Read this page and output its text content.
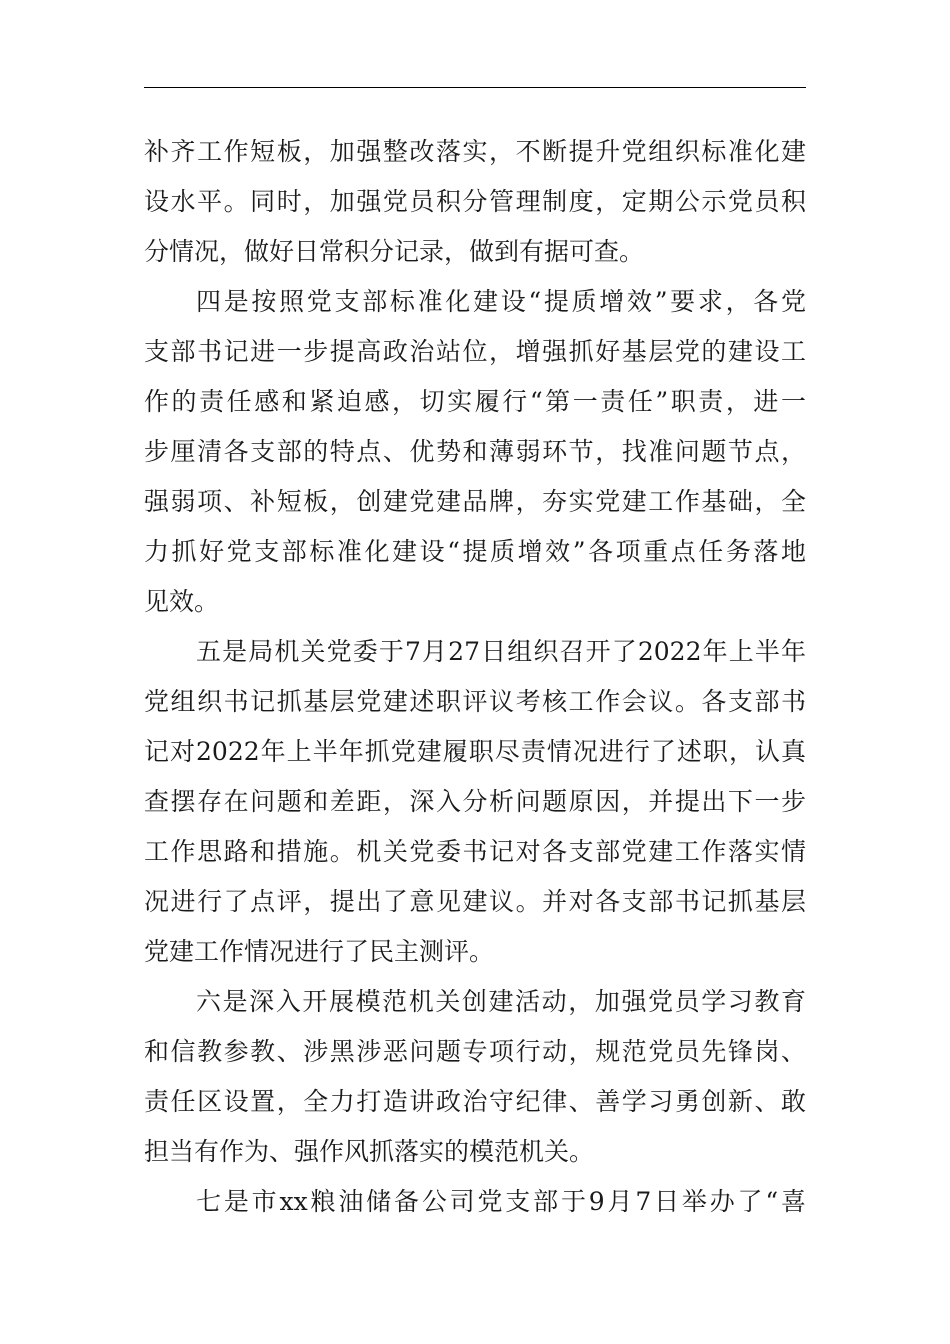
补齐工作短板，加强整改落实，不断提升党组织标准化建
设水平。同时，加强党员积分管理制度，定期公示党员积
分情况，做好日常积分记录，做到有据可查。
四是按照党支部标准化建设“提质增效”要求，各党
支部书记进一步提高政治站位，增强抓好基层党的建设工
作的责任感和紧迫感，切实履行“第一责任”职责，进一
步厘清各支部的特点、优势和薄弱环节，找准问题节点，
强弱项、补短板，创建党建品牌，夯实党建工作基础，全
力抓好党支部标准化建设“提质增效”各项重点任务落地
见效。
五是局机关党委于7月27日组织召开了2022年上半年
党组织书记抓基层党建述职评议考核工作会议。各支部书
记对2022年上半年抓党建履职尽责情况进行了述职，认真
查摆存在问题和差距，深入分析问题原因，并提出下一步
工作思路和措施。机关党委书记对各支部党建工作落实情
况进行了点评，提出了意见建议。并对各支部书记抓基层
党建工作情况进行了民主测评。
六是深入开展模范机关创建活动，加强党员学习教育
和信教参教、涉黑涉恶问题专项行动，规范党员先锋岗、
责任区设置，全力打造讲政治守纪律、善学习勇创新、敢
担当有作为、强作风抓落实的模范机关。
七是市xx粮油储备公司党支部于9月7日举办了“喜
